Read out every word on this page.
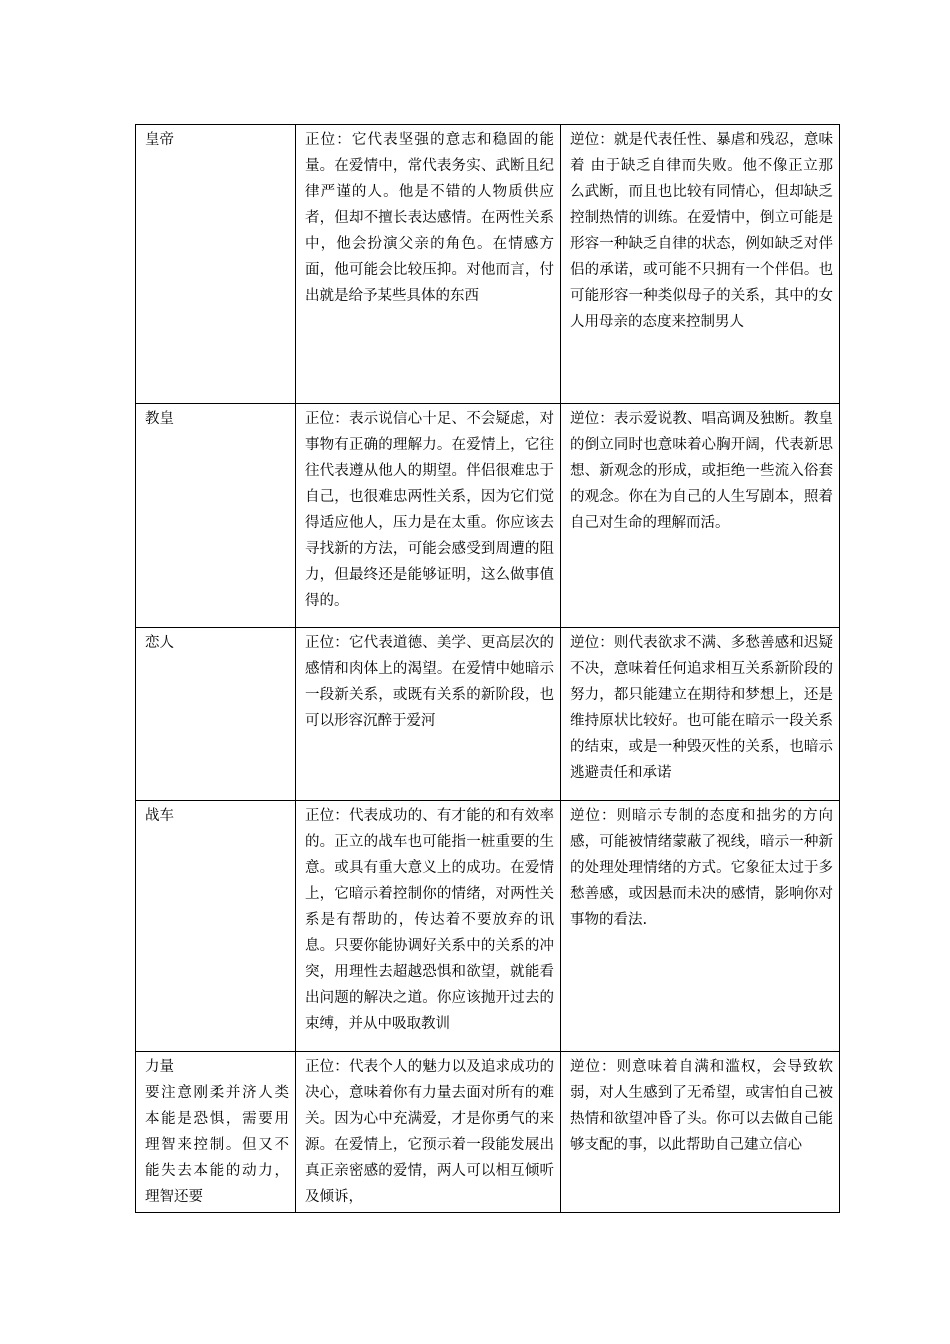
皇帝	正位：它代表坚强的意志和稳固的能量。在爱情中，常代表务实、武断且纪律严谨的人。他是不错的人物质供应者，但却不擅长表达感情。在两性关系中，他会扮演父亲的角色。在情感方面，他可能会比较压抑。对他而言，付出就是给予某些具体的东西	逆位：就是代表任性、暴虐和残忍，意味着 由于缺乏自律而失败。他不像正立那么武断，而且也比较有同情心，但却缺乏控制热情的训练。在爱情中，倒立可能是形容一种缺乏自律的状态，例如缺乏对伴侣的承诺，或可能不只拥有一个伴侣。也可能形容一种类似母子的关系，其中的女人用母亲的态度来控制男人

教皇	正位：表示说信心十足、不会疑虑，对事物有正确的理解力。在爱情上，它往往代表遵从他人的期望。伴侣很难忠于自己，也很难忠两性关系，因为它们觉得适应他人，压力是在太重。你应该去寻找新的方法，可能会感受到周遭的阻力，但最终还是能够证明，这么做事值得的。	逆位：表示爱说教、唱高调及独断。教皇的倒立同时也意味着心胸开阔，代表新思想、新观念的形成，或拒绝一些流入俗套的观念。你在为自己的人生写剧本，照着自己对生命的理解而活。

恋人	正位：它代表道德、美学、更高层次的感情和肉体上的渴望。在爱情中她暗示一段新关系，或既有关系的新阶段，也可以形容沉醉于爱河	逆位：则代表欲求不满、多愁善感和迟疑不决，意味着任何追求相互关系新阶段的努力，都只能建立在期待和梦想上，还是维持原状比较好。也可能在暗示一段关系的结束，或是一种毁灭性的关系，也暗示逃避责任和承诺

战车	正位：代表成功的、有才能的和有效率的。正立的战车也可能指一桩重要的生意。或具有重大意义上的成功。在爱情上，它暗示着控制你的情绪，对两性关系是有帮助的，传达着不要放弃的讯息。只要你能协调好关系中的关系的冲突，用理性去超越恐惧和欲望，就能看出问题的解决之道。你应该抛开过去的束缚，并从中吸取教训	逆位：则暗示专制的态度和拙劣的方向感，可能被情绪蒙蔽了视线，暗示一种新的处理处理情绪的方式。它象征太过于多愁善感，或因悬而未决的感情，影响你对事物的看法.

力量
要注意刚柔并济人类本能是恐惧，需要用理智来控制。但又不能失去本能的动力，理智还要	正位：代表个人的魅力以及追求成功的决心，意味着你有力量去面对所有的难关。因为心中充满爱，才是你勇气的来源。在爱情上，它预示着一段能发展出真正亲密感的爱情，两人可以相互倾听及倾诉，	逆位：则意味着自满和滥权，会导致软弱，对人生感到了无希望，或害怕自己被热情和欲望冲昏了头。你可以去做自己能够支配的事，以此帮助自己建立信心
